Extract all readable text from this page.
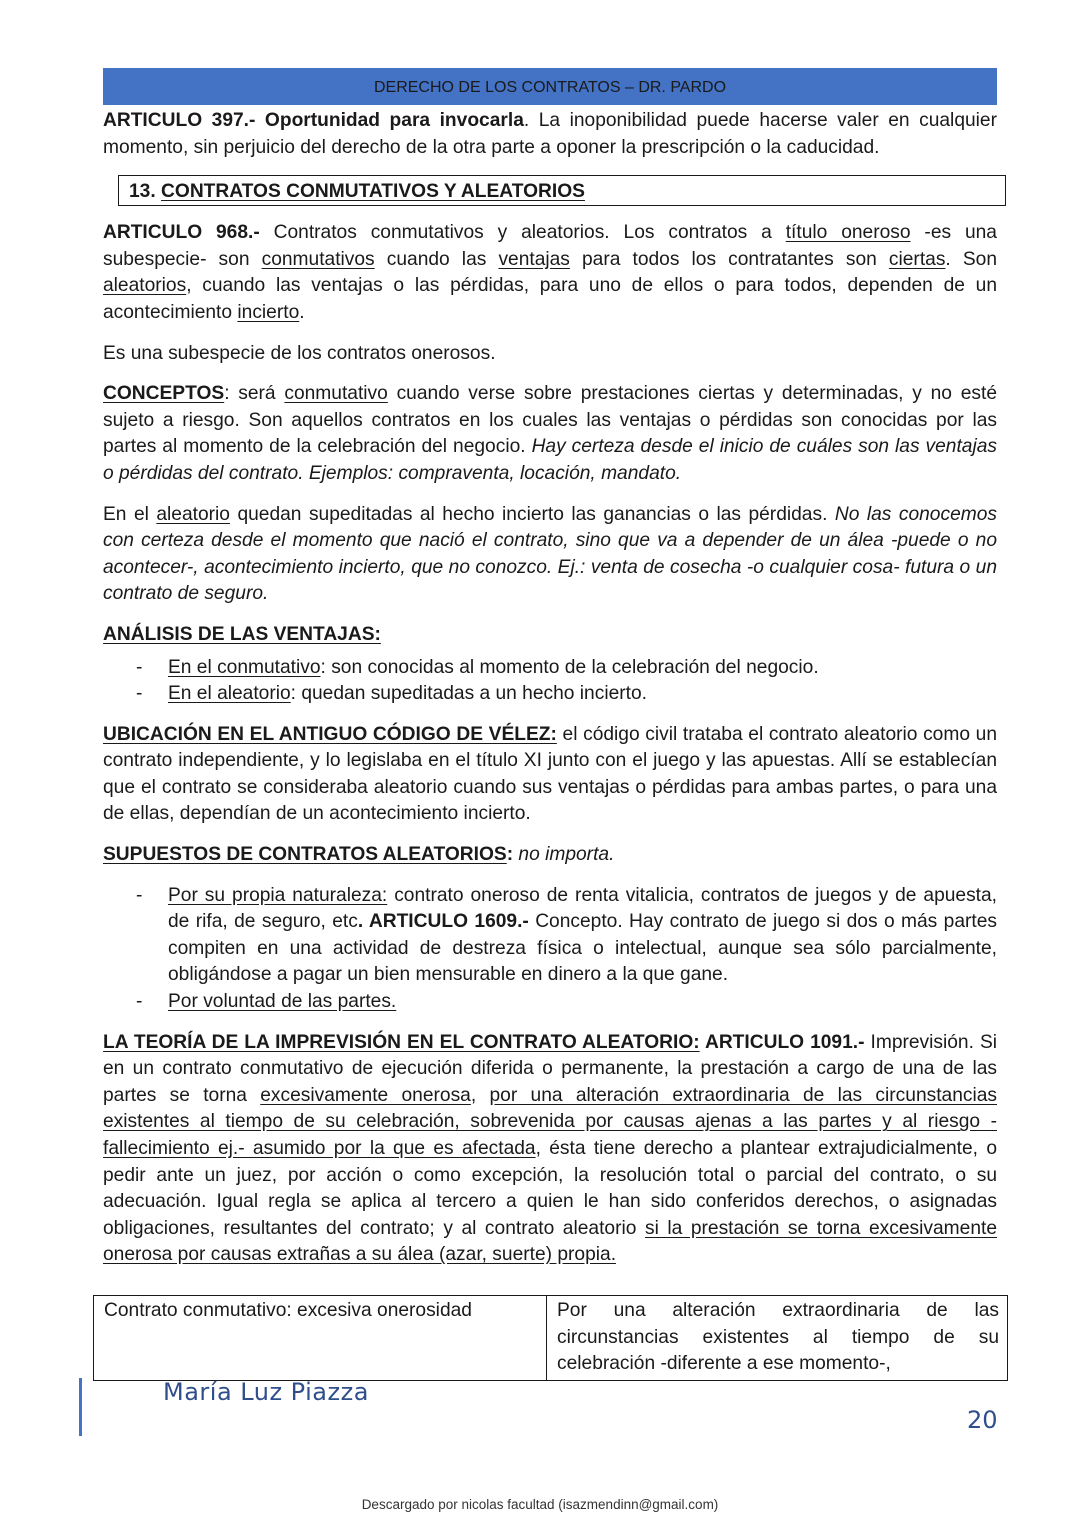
DERECHO DE LOS CONTRATOS – DR. PARDO

ARTICULO 397.- Oportunidad para invocarla. La inoponibilidad puede hacerse valer en cualquier momento, sin perjuicio del derecho de la otra parte a oponer la prescripción o la caducidad.

13. CONTRATOS CONMUTATIVOS Y ALEATORIOS

ARTICULO 968.- Contratos conmutativos y aleatorios. Los contratos a título oneroso -es una subespecie- son conmutativos cuando las ventajas para todos los contratantes son ciertas. Son aleatorios, cuando las ventajas o las pérdidas, para uno de ellos o para todos, dependen de un acontecimiento incierto.

Es una subespecie de los contratos onerosos.

CONCEPTOS: será conmutativo cuando verse sobre prestaciones ciertas y determinadas, y no esté sujeto a riesgo. Son aquellos contratos en los cuales las ventajas o pérdidas son conocidas por las partes al momento de la celebración del negocio. Hay certeza desde el inicio de cuáles son las ventajas o pérdidas del contrato. Ejemplos: compraventa, locación, mandato.

En el aleatorio quedan supeditadas al hecho incierto las ganancias o las pérdidas. No las conocemos con certeza desde el momento que nació el contrato, sino que va a depender de un álea -puede o no acontecer-, acontecimiento incierto, que no conozco. Ej.: venta de cosecha -o cualquier cosa- futura o un contrato de seguro.

ANÁLISIS DE LAS VENTAJAS:

- En el conmutativo: son conocidas al momento de la celebración del negocio.
- En el aleatorio: quedan supeditadas a un hecho incierto.

UBICACIÓN EN EL ANTIGUO CÓDIGO DE VÉLEZ: el código civil trataba el contrato aleatorio como un contrato independiente, y lo legislaba en el título XI junto con el juego y las apuestas. Allí se establecían que el contrato se consideraba aleatorio cuando sus ventajas o pérdidas para ambas partes, o para una de ellas, dependían de un acontecimiento incierto.

SUPUESTOS DE CONTRATOS ALEATORIOS: no importa.

- Por su propia naturaleza: contrato oneroso de renta vitalicia, contratos de juegos y de apuesta, de rifa, de seguro, etc. ARTICULO 1609.- Concepto. Hay contrato de juego si dos o más partes compiten en una actividad de destreza física o intelectual, aunque sea sólo parcialmente, obligándose a pagar un bien mensurable en dinero a la que gane.
- Por voluntad de las partes.

LA TEORÍA DE LA IMPREVISIÓN EN EL CONTRATO ALEATORIO: ARTICULO 1091.- Imprevisión. Si en un contrato conmutativo de ejecución diferida o permanente, la prestación a cargo de una de las partes se torna excesivamente onerosa, por una alteración extraordinaria de las circunstancias existentes al tiempo de su celebración, sobrevenida por causas ajenas a las partes y al riesgo -fallecimiento ej.- asumido por la que es afectada, ésta tiene derecho a plantear extrajudicialmente, o pedir ante un juez, por acción o como excepción, la resolución total o parcial del contrato, o su adecuación. Igual regla se aplica al tercero a quien le han sido conferidos derechos, o asignadas obligaciones, resultantes del contrato; y al contrato aleatorio si la prestación se torna excesivamente onerosa por causas extrañas a su álea (azar, suerte) propia.

Contrato conmutativo: excesiva onerosidad	Por una alteración extraordinaria de las circunstancias existentes al tiempo de su celebración -diferente a ese momento-,
María Luz Piazza
20
Descargado por nicolas facultad (isazmendinn@gmail.com)
